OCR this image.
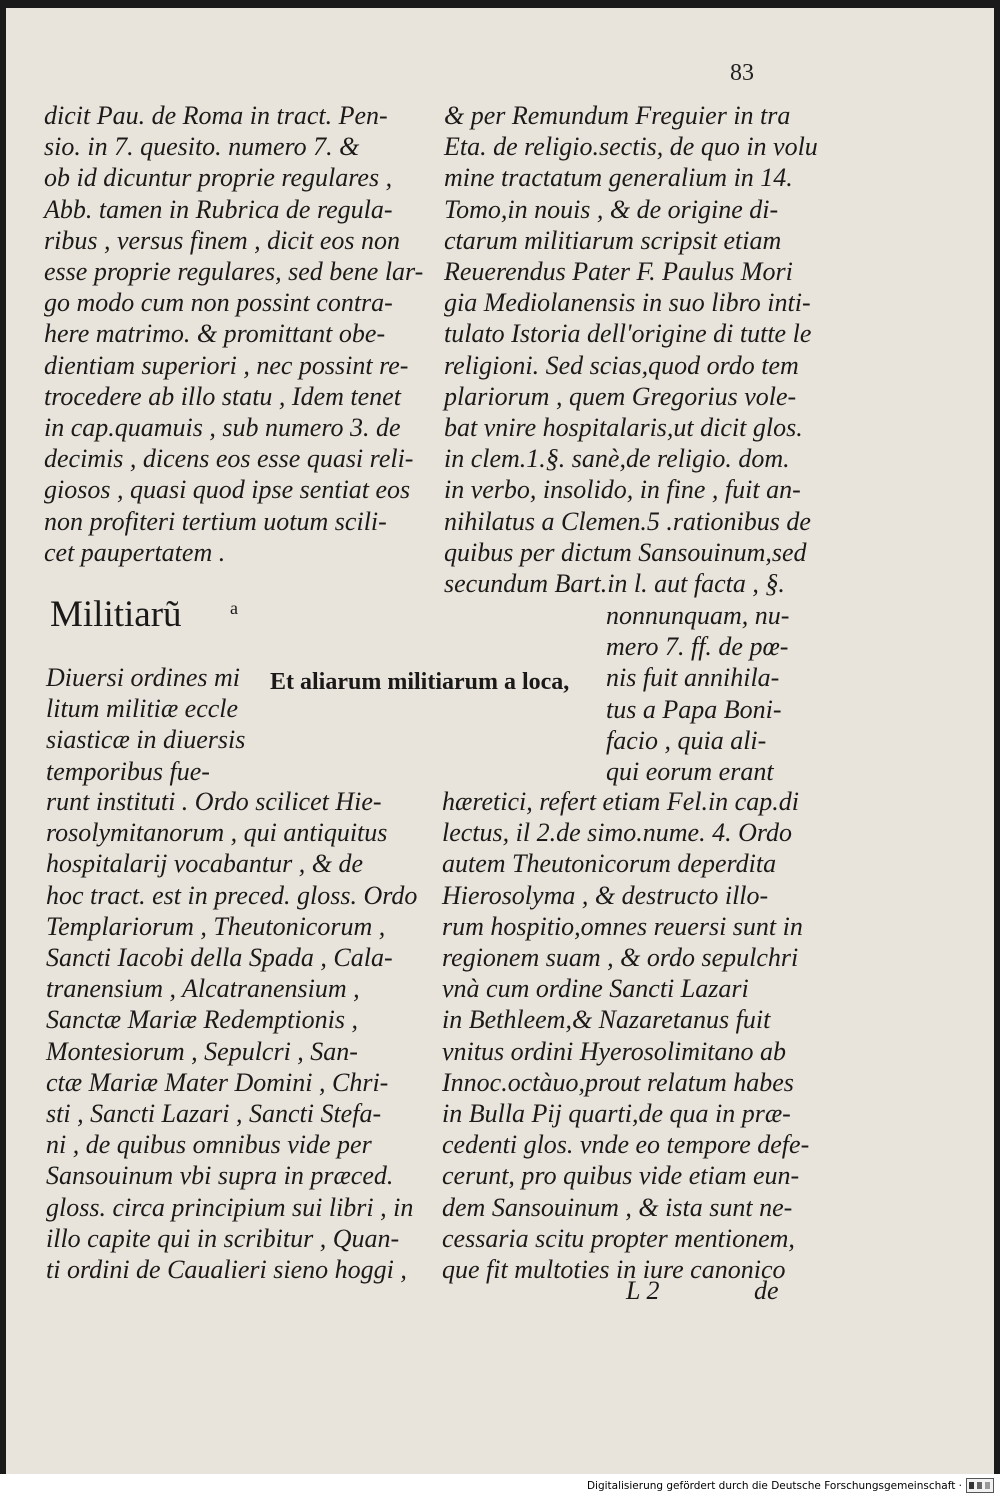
83

dicit Pau. de Roma in tract. Pen-
sio. in 7. quesito. numero 7. &
ob id dicuntur proprie regulares ,
Abb. tamen in Rubrica de regula-
ribus , versus finem , dicit eos non
esse proprie regulares, sed bene lar-
go modo cum non possint contra-
here matrimo. & promittant obe-
dientiam superiori , nec possint re-
trocedere ab illo statu , Idem tenet
in cap.quamuis , sub numero 3. de
decimis , dicens eos esse quasi reli-
giosos , quasi quod ipse sentiat eos
non profiteri tertium uotum scili-
cet paupertatem .

& per Remundum Freguier in tra
Eta. de religio.sectis, de quo in volu
mine tractatum generalium in 14.
Tomo,in nouis , & de origine di-
ctarum militiarum scripsit etiam
Reuerendus Pater F. Paulus Mori
gia Mediolanensis in suo libro inti-
tulato Istoria dell'origine di tutte le
religioni. Sed scias,quod ordo tem
plariorum , quem Gregorius vole-
bat vnire hospitalaris,ut dicit glos.
in clem.1.§. sanè,de religio. dom.
in verbo, insolido, in fine , fuit an-
nihilatus a Clemen.5 .rationibus de
quibus per dictum Sansouinum,sed
secundum Bart.in l. aut facta , §.

nonnunquam, nu-
mero 7. ff. de pœ-
nis fuit annihila-
tus a Papa Boni-
facio , quia ali-
qui eorum erant

Militiarũ	a

Et aliarum militiarum a loca,

Diuersi ordines mi
litum militiæ eccle
siasticæ in diuersis
temporibus fue-

runt instituti . Ordo scilicet Hie-
rosolymitanorum , qui antiquitus
hospitalarij vocabantur , & de
hoc tract. est in preced. gloss. Ordo
Templariorum , Theutonicorum ,
Sancti Iacobi della Spada , Cala-
tranensium , Alcatranensium ,
Sanctæ Mariæ Redemptionis ,
Montesiorum , Sepulcri , San-
ctæ Mariæ Mater Domini , Chri-
sti , Sancti Lazari , Sancti Stefa-
ni , de quibus omnibus vide per
Sansouinum vbi supra in præced.
gloss. circa principium sui libri , in
illo capite qui in scribitur , Quan-
ti ordini de Caualieri sieno hoggi ,

hæretici, refert etiam Fel.in cap.di
lectus, il 2.de simo.nume. 4. Ordo
autem Theutonicorum deperdita
Hierosolyma , & destructo illo-
rum hospitio,omnes reuersi sunt in
regionem suam , & ordo sepulchri
vnà cum ordine Sancti Lazari
in Bethleem,& Nazaretanus fuit
vnitus ordini Hyerosolimitano ab
Innoc.octàuo,prout relatum habes
in Bulla Pij quarti,de qua in præ-
cedenti glos. vnde eo tempore defe-
cerunt, pro quibus vide etiam eun-
dem Sansouinum , & ista sunt ne-
cessaria scitu propter mentionem,
que fit multoties in iure canonico

L 2	de

Digitalisierung gefördert durch die Deutsche Forschungsgemeinschaft ·
